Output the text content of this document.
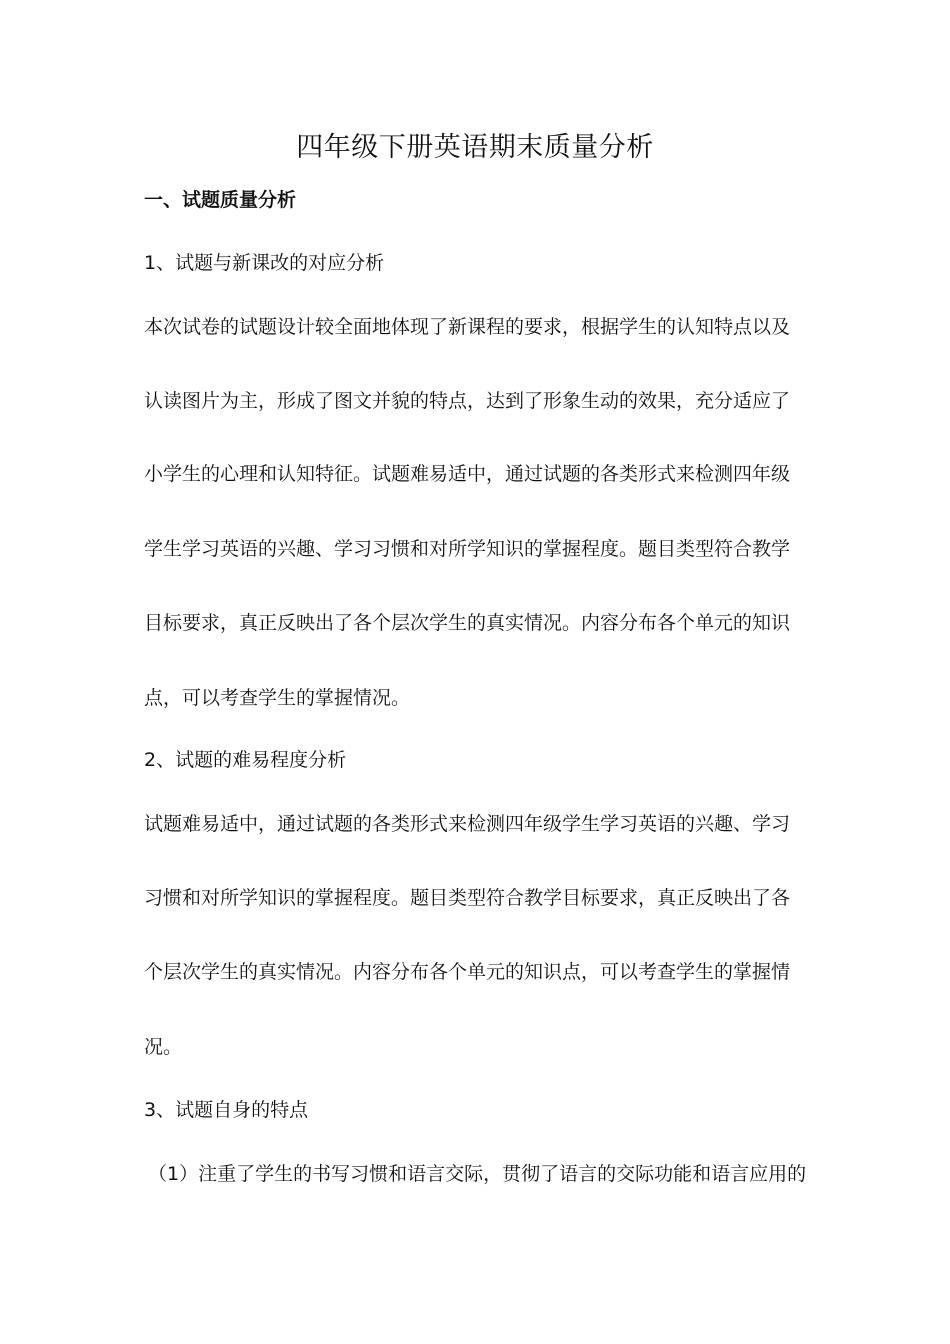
四年级下册英语期末质量分析
一、试题质量分析
1、试题与新课改的对应分析
本次试卷的试题设计较全面地体现了新课程的要求，根据学生的认知特点以及
认读图片为主，形成了图文并貌的特点，达到了形象生动的效果，充分适应了
小学生的心理和认知特征。试题难易适中，通过试题的各类形式来检测四年级
学生学习英语的兴趣、学习习惯和对所学知识的掌握程度。题目类型符合教学
目标要求，真正反映出了各个层次学生的真实情况。内容分布各个单元的知识
点，可以考查学生的掌握情况。
2、试题的难易程度分析
试题难易适中，通过试题的各类形式来检测四年级学生学习英语的兴趣、学习
习惯和对所学知识的掌握程度。题目类型符合教学目标要求，真正反映出了各
个层次学生的真实情况。内容分布各个单元的知识点，可以考查学生的掌握情
况。
3、试题自身的特点
（1）注重了学生的书写习惯和语言交际，贯彻了语言的交际功能和语言应用的
